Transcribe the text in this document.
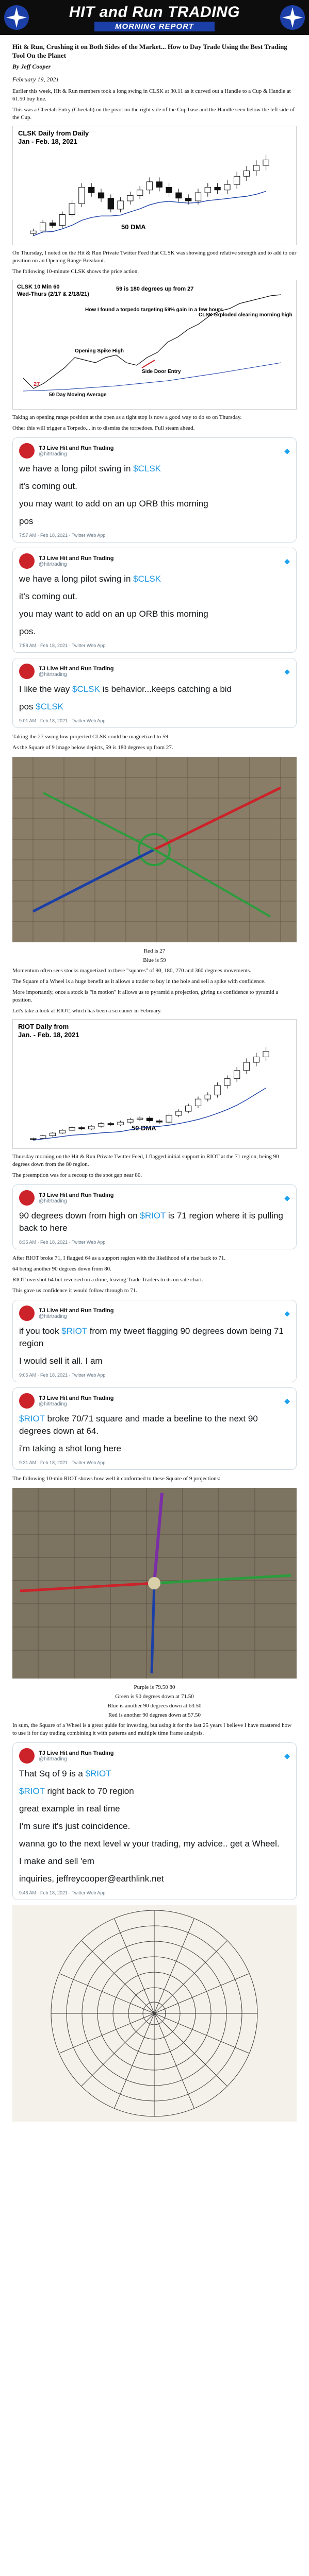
HIT and Run TRADING
MORNING REPORT
Hit & Run, Crushing it on Both Sides of the Market... How to Day Trade Using the Best Trading Tool On the Planet
By Jeff Cooper
February 19, 2021

Earlier this week, Hit & Run members took a long swing in CLSK at 30.11 as it curved out a Handle to a Cup & Handle at 61.50 buy line.

This was a Cheetah Entry (Cheetah) on the pivot on the right side of the Cup base and the Handle seen below the left side of the Cup.

CLSK Daily from Daily
Jan - Feb. 18, 2021
50 DMA

On Thursday, I noted on the Hit & Run Private Twitter Feed that CLSK was showing good relative strength and to add to our position on an Opening Range Breakout.

The following 10-minute CLSK shows the price action.

CLSK 10 Min 60
Wed-Thurs (2/17 & 2/18/21)
59 is 180 degrees up from 27
How I found a torpedo targeting 59% gain in a few hours
CLSK exploded clearing morning high
Opening Spike High
Side Door Entry
27
50 Day Moving Average

Taking an opening range position at the open as a tight stop is now a good way to do so on Thursday.

Other this will trigger a Torpedo... in to dismiss the torpedoes. Full steam ahead.

TJ Live Hit and Run Trading
@hitrtrading	◆
we have a long pilot swing in $CLSK
it's coming out.
you may want to add on an up ORB this morning
pos
7:57 AM · Feb 18, 2021 · Twitter Web App
TJ Live Hit and Run Trading
@hitrtrading	◆
we have a long pilot swing in $CLSK
it's coming out.
you may want to add on an up ORB this morning
pos.
7:58 AM · Feb 18, 2021 · Twitter Web App
TJ Live Hit and Run Trading
@hitrtrading	◆
I like the way $CLSK is behavior...keeps catching a bid
pos $CLSK
9:01 AM · Feb 18, 2021 · Twitter Web App

Taking the 27 swing low projected CLSK could be magnetized to 59.

As the Square of 9 image below depicts, 59 is 180 degrees up from 27.

Red is 27
Blue is 59

Momentum often sees stocks magnetized to these "squares" of 90, 180, 270 and 360 degrees movements.

The Square of a Wheel is a huge benefit as it allows a trader to buy in the hole and sell a spike with confidence.

More importantly, once a stock is "in motion" it allows us to pyramid a projection, giving us confidence to pyramid a position.

Let's take a look at RIOT, which has been a screamer in February.

RIOT Daily from
Jan. - Feb. 18, 2021
50 DMA

Thursday morning on the Hit & Run Private Twitter Feed, I flagged initial support in RIOT at the 71 region, being 90 degrees down from the 80 region.

The preemption was for a recoup to the spot gap near 80.

TJ Live Hit and Run Trading
@hitrtrading	◆
90 degrees down from high on $RIOT is 71 region where it is pulling back to here
8:35 AM · Feb 18, 2021 · Twitter Web App

After RIOT broke 71, I flagged 64 as a support region with the likelihood of a rise back to 71.

64 being another 90 degrees down from 80.

RIOT overshot 64 but reversed on a dime, leaving Trade Traders to its on sale chart.

This gave us confidence it would follow through to 71.

TJ Live Hit and Run Trading
@hitrtrading	◆
if you took $RIOT from my tweet flagging 90 degrees down being 71 region
I would sell it all. I am
9:05 AM · Feb 18, 2021 · Twitter Web App
TJ Live Hit and Run Trading
@hitrtrading	◆
$RIOT broke 70/71 square and made a beeline to the next 90 degrees down at 64.
i'm taking a shot long here
9:31 AM · Feb 18, 2021 · Twitter Web App

The following 10-min RIOT shows how well it conformed to these Square of 9 projections:

Purple is 79.50 80
Green is 90 degrees down at 71.50
Blue is another 90 degrees down at 63.50
Red is another 90 degrees down at 57.50

In sum, the Square of a Wheel is a great guide for investing, but using it for the last 25 years I believe I have mastered how to use it for day trading combining it with patterns and multiple time frame analysis.

TJ Live Hit and Run Trading
@hitrtrading	◆
That Sq of 9 is a $RIOT
$RIOT right back to 70 region
great example in real time
I'm sure it's just coincidence.
wanna go to the next level w your trading, my advice.. get a Wheel.
I make and sell 'em
inquiries, jeffreycooper@earthlink.net
9:46 AM · Feb 18, 2021 · Twitter Web App
